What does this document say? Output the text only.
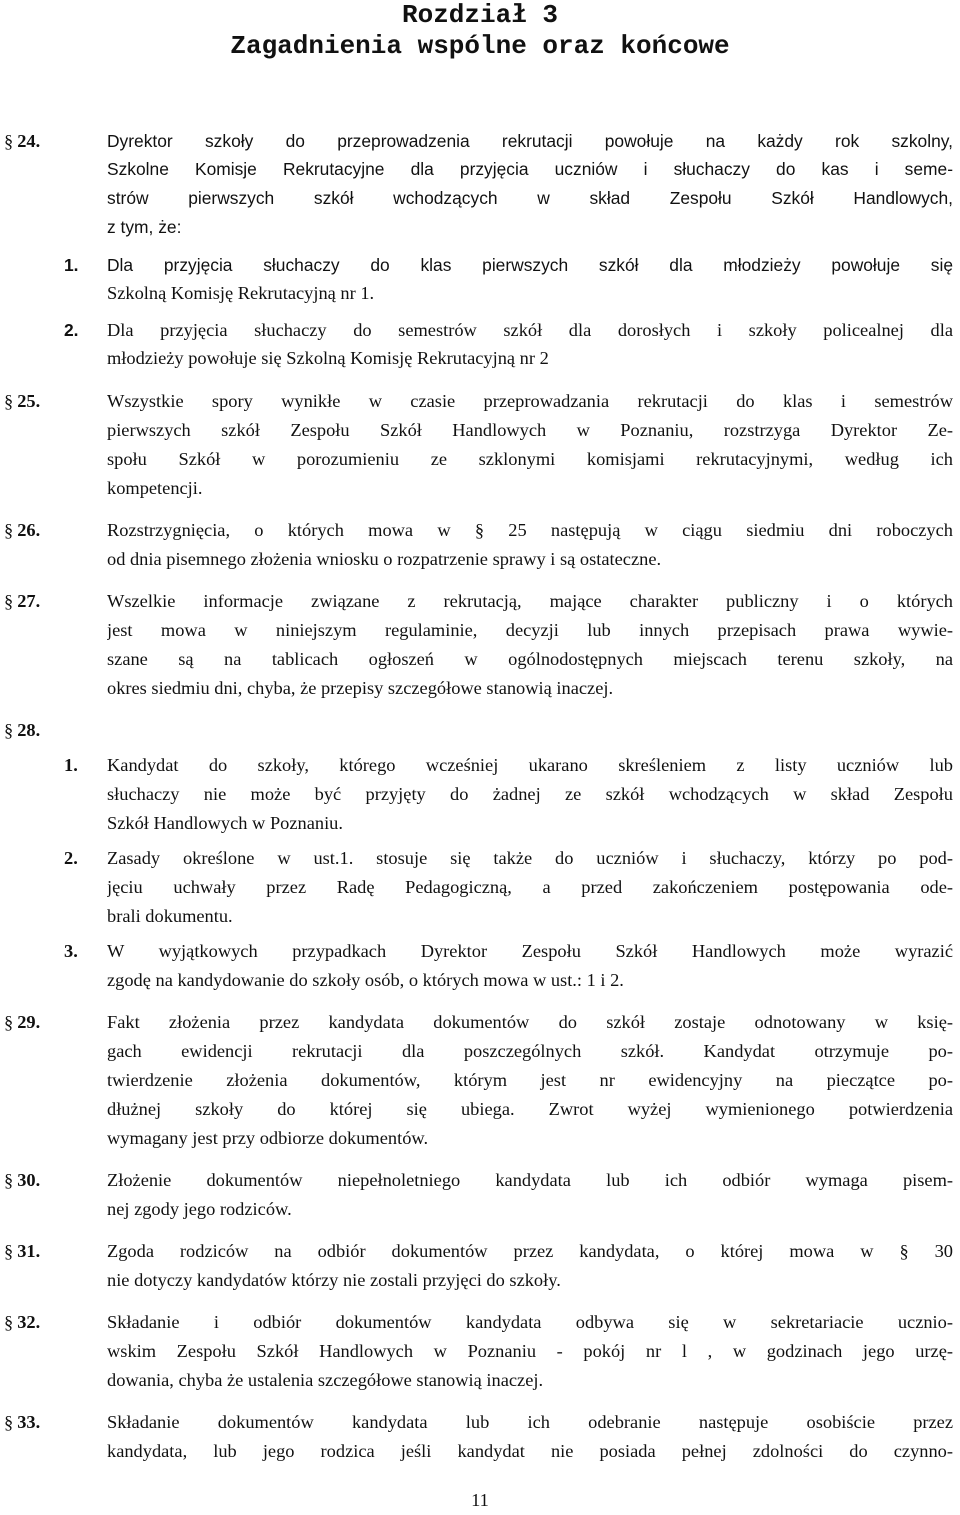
Rozdział 3
Zagadnienia wspólne oraz końcowe
§ 24.	Dyrektor szkoły do przeprowadzenia rekrutacji powołuje na każdy rok szkolny,
Szkolne Komisje Rekrutacyjne dla przyjęcia uczniów i słuchaczy do kas i seme-
strów pierwszych szkół wchodzących w skład Zespołu Szkół Handlowych,
z tym, że:
1. Dla przyjęcia słuchaczy do klas pierwszych szkół dla młodzieży powołuje się
Szkolną Komisję Rekrutacyjną nr 1.
2. Dla przyjęcia słuchaczy do semestrów szkół dla dorosłych i szkoły policealnej dla
młodzieży powołuje się Szkolną Komisję Rekrutacyjną nr 2
§ 25.	Wszystkie spory wynikłe w czasie przeprowadzania rekrutacji do klas i semestrów
pierwszych szkół Zespołu Szkół Handlowych w Poznaniu, rozstrzyga Dyrektor Ze-
społu Szkół w porozumieniu ze szklonymi komisjami rekrutacyjnymi, według ich
kompetencji.
§ 26.	Rozstrzygnięcia, o których mowa w § 25 następują w ciągu siedmiu dni roboczych
od dnia pisemnego złożenia wniosku o rozpatrzenie sprawy i są ostateczne.
§ 27.	Wszelkie informacje związane z rekrutacją, mające charakter publiczny i o których
jest mowa w niniejszym regulaminie, decyzji lub innych przepisach prawa wywie-
szane są na tablicach ogłoszeń w ogólnodostępnych miejscach terenu szkoły, na
okres siedmiu dni, chyba, że przepisy szczegółowe stanowią inaczej.
§ 28.
1. Kandydat do szkoły, którego wcześniej ukarano skreśleniem z listy uczniów lub
słuchaczy nie może być przyjęty do żadnej ze szkół wchodzących w skład Zespołu
Szkół Handlowych w Poznaniu.
2. Zasady określone w ust.1. stosuje się także do uczniów i słuchaczy, którzy po pod-
jęciu uchwały przez Radę Pedagogiczną, a przed zakończeniem postępowania ode-
brali dokumentu.
3. W wyjątkowych przypadkach Dyrektor Zespołu Szkół Handlowych może wyrazić
zgodę na kandydowanie do szkoły osób, o których mowa w ust.: 1 i 2.
§ 29.	Fakt złożenia przez kandydata dokumentów do szkół zostaje odnotowany w księ-
gach ewidencji rekrutacji dla poszczególnych szkół. Kandydat otrzymuje po-
twierdzenie złożenia dokumentów, którym jest nr ewidencyjny na pieczątce po-
dłużnej szkoły do której się ubiega. Zwrot wyżej wymienionego potwierdzenia
wymagany jest przy odbiorze dokumentów.
§ 30.	Złożenie dokumentów niepełnoletniego kandydata lub ich odbiór wymaga pisem-
nej zgody jego rodziców.
§ 31.	Zgoda rodziców na odbiór dokumentów przez kandydata, o której mowa w § 30
nie dotyczy kandydatów którzy nie zostali przyjęci do szkoły.
§ 32.	Składanie i odbiór dokumentów kandydata odbywa się w sekretariacie ucznio-
wskim Zespołu Szkół Handlowych w Poznaniu - pokój nr l , w godzinach jego urzę-
dowania, chyba że ustalenia szczegółowe stanowią inaczej.
§ 33.	Składanie dokumentów kandydata lub ich odebranie następuje osobiście przez
kandydata, lub jego rodzica jeśli kandydat nie posiada pełnej zdolności do czynno-
11
